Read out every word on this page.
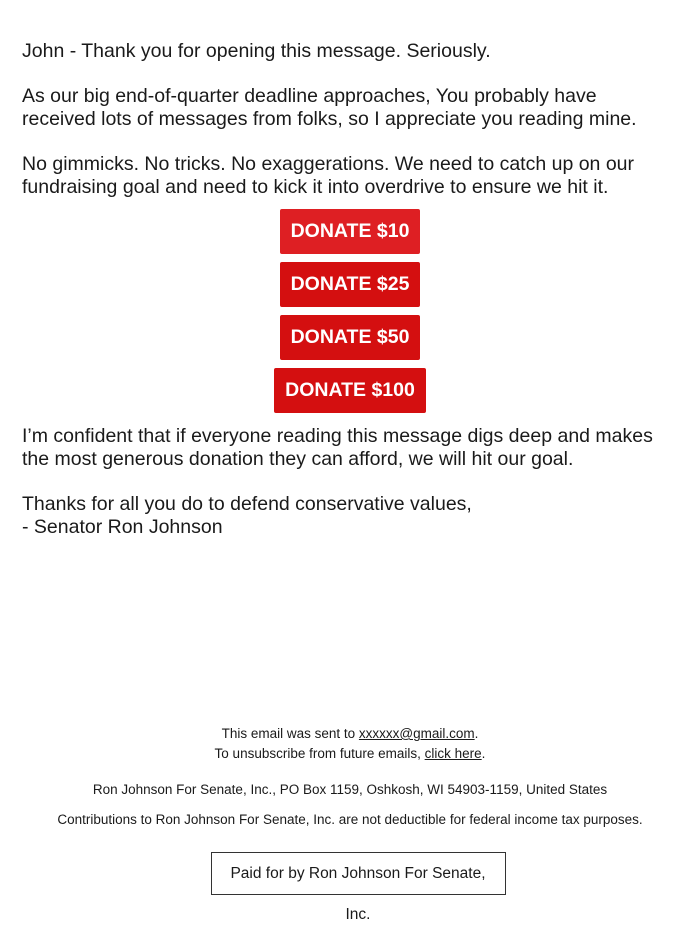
John - Thank you for opening this message. Seriously.

As our big end-of-quarter deadline approaches, You probably have
received lots of messages from folks, so I appreciate you reading mine.

No gimmicks. No tricks. No exaggerations. We need to catch up on our
fundraising goal and need to kick it into overdrive to ensure we hit it.

DONATE $10
DONATE $25
DONATE $50
DONATE $100

I’m confident that if everyone reading this message digs deep and makes
the most generous donation they can afford, we will hit our goal.

Thanks for all you do to defend conservative values,
- Senator Ron Johnson

This email was sent to xxxxxx@gmail.com.
To unsubscribe from future emails, click here.
Ron Johnson For Senate, Inc., PO Box 1159, Oshkosh, WI 54903-1159, United States
Contributions to Ron Johnson For Senate, Inc. are not deductible for federal income tax purposes.
Paid for by Ron Johnson For Senate, Inc.
